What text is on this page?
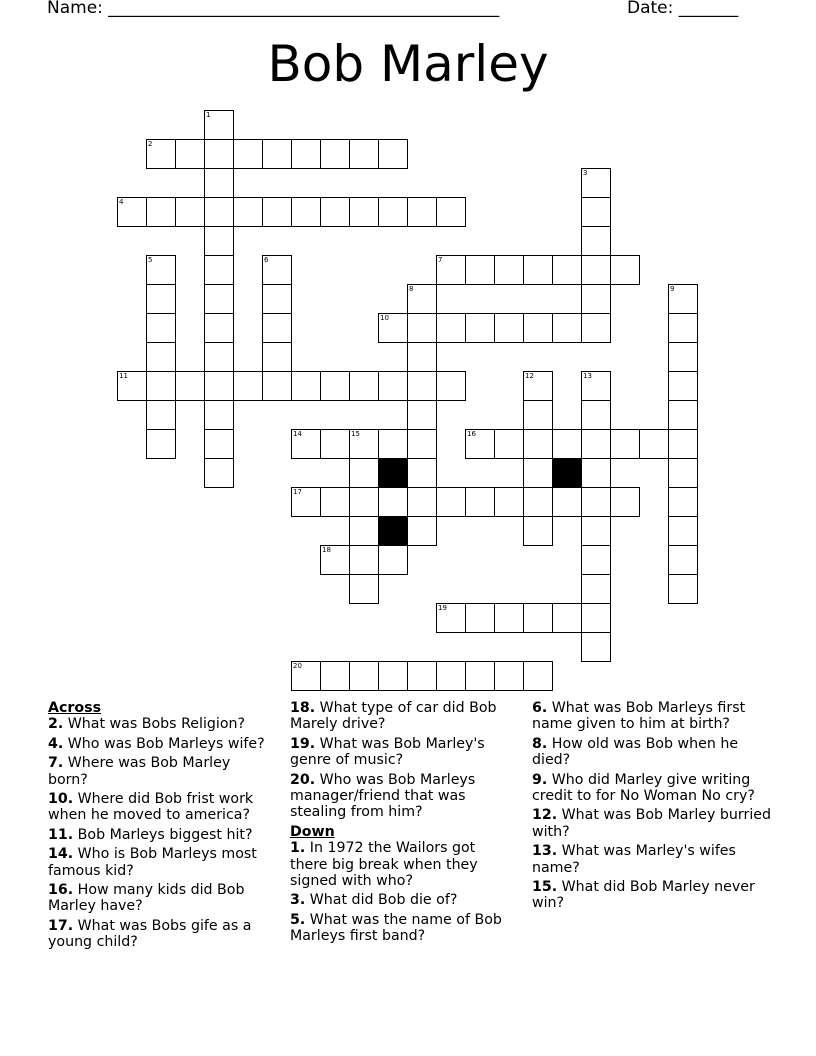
Name: ______________________________________________	Date: _______
Bob Marley
1
2
3
4
5	6	7
8	9
10
11	12	13
14	15	16
17
18
19
20
Across
2. What was Bobs Religion?
4. Who was Bob Marleys wife?
7. Where was Bob Marley born?
10. Where did Bob frist work when he moved to america?
11. Bob Marleys biggest hit?
14. Who is Bob Marleys most famous kid?
16. How many kids did Bob Marley have?
17. What was Bobs gife as a young child?
18. What type of car did Bob Marely drive?
19. What was Bob Marley's genre of music?
20. Who was Bob Marleys manager/friend that was stealing from him?
Down
1. In 1972 the Wailors got there big break when they signed with who?
3. What did Bob die of?
5. What was the name of Bob Marleys first band?
6. What was Bob Marleys first name given to him at birth?
8. How old was Bob when he died?
9. Who did Marley give writing credit to for No Woman No cry?
12. What was Bob Marley burried with?
13. What was Marley's wifes name?
15. What did Bob Marley never win?
